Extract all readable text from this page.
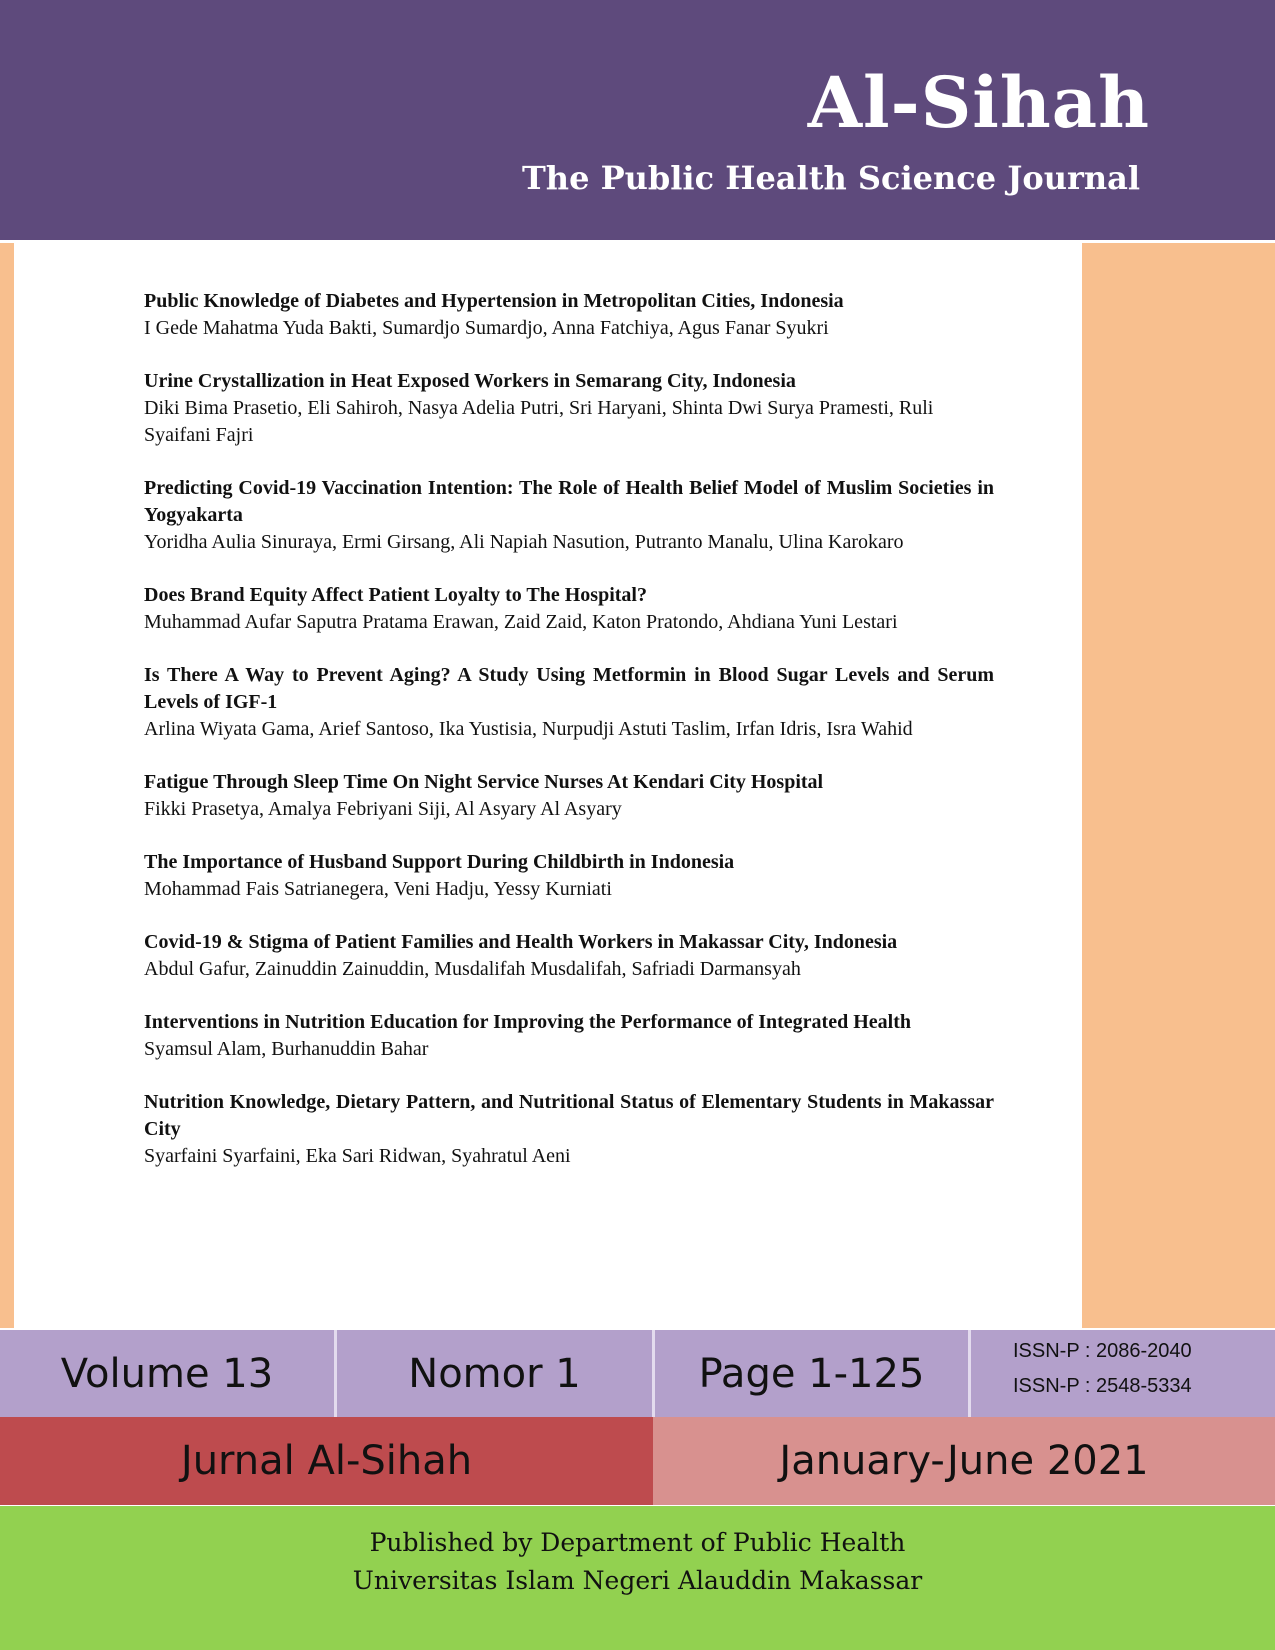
Al-Sihah
The Public Health Science Journal
Public Knowledge of Diabetes and Hypertension in Metropolitan Cities, Indonesia
I Gede Mahatma Yuda Bakti, Sumardjo Sumardjo, Anna Fatchiya, Agus Fanar Syukri
Urine Crystallization in Heat Exposed Workers in Semarang City, Indonesia
Diki Bima Prasetio, Eli Sahiroh, Nasya Adelia Putri, Sri Haryani, Shinta Dwi Surya Pramesti, Ruli Syaifani Fajri
Predicting Covid-19 Vaccination Intention: The Role of Health Belief Model of Muslim Societies in Yogyakarta
Yoridha Aulia Sinuraya, Ermi Girsang, Ali Napiah Nasution, Putranto Manalu, Ulina Karokaro
Does Brand Equity Affect Patient Loyalty to The Hospital?
Muhammad Aufar Saputra Pratama Erawan, Zaid Zaid, Katon Pratondo, Ahdiana Yuni Lestari
Is There A Way to Prevent Aging? A Study Using Metformin in Blood Sugar Levels and Serum Levels of IGF-1
Arlina Wiyata Gama, Arief Santoso, Ika Yustisia, Nurpudji Astuti Taslim, Irfan Idris, Isra Wahid
Fatigue Through Sleep Time On Night Service Nurses At Kendari City Hospital
Fikki Prasetya, Amalya Febriyani Siji, Al Asyary Al Asyary
The Importance of Husband Support During Childbirth in Indonesia
Mohammad Fais Satrianegera, Veni Hadju, Yessy Kurniati
Covid-19 & Stigma of Patient Families and Health Workers in Makassar City, Indonesia
Abdul Gafur, Zainuddin Zainuddin, Musdalifah Musdalifah, Safriadi Darmansyah
Interventions in Nutrition Education for Improving the Performance of Integrated Health
Syamsul Alam, Burhanuddin Bahar
Nutrition Knowledge, Dietary Pattern, and Nutritional Status of Elementary Students in Makassar City
Syarfaini Syarfaini, Eka Sari Ridwan, Syahratul Aeni
Volume 13	Nomor 1	Page 1-125	ISSN-P : 2086-2040
ISSN-P : 2548-5334
Jurnal Al-Sihah	January-June 2021
Published by Department of Public Health
Universitas Islam Negeri Alauddin Makassar
